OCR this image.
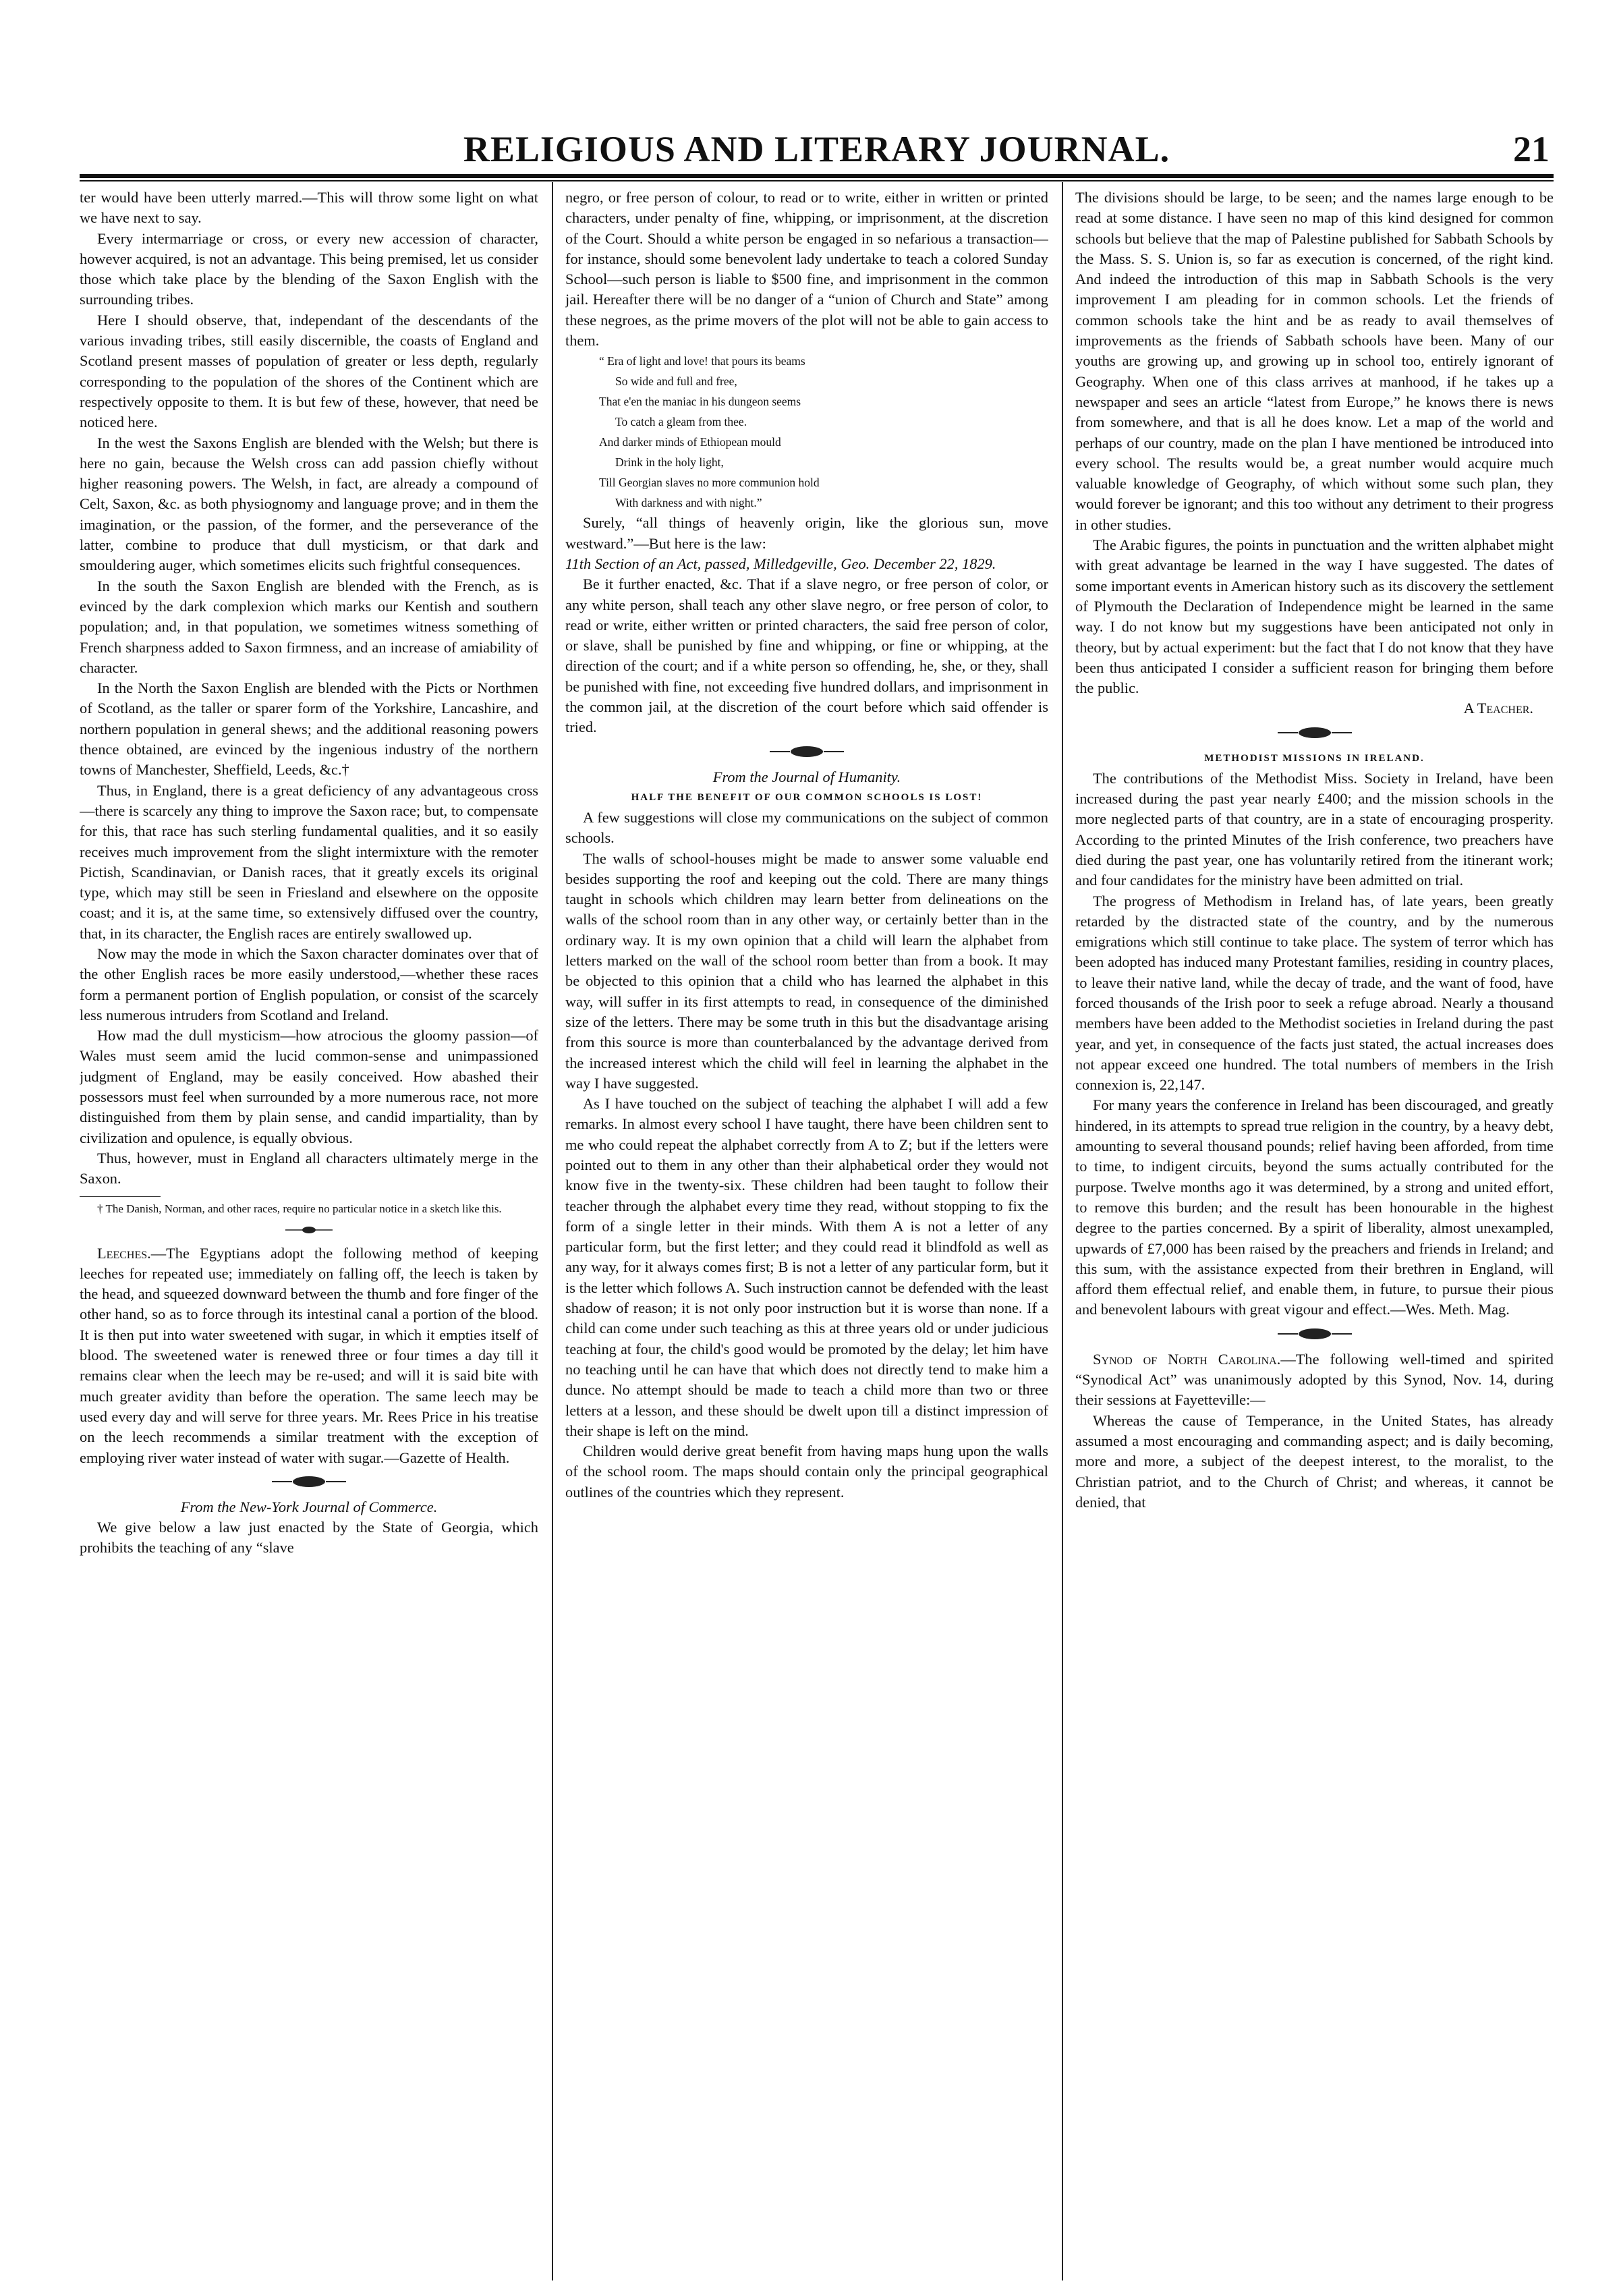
RELIGIOUS AND LITERARY JOURNAL.	21

ter would have been utterly marred.—This will throw some light on what we have next to say.

Every intermarriage or cross, or every new accession of character, however acquired, is not an advantage. This being premised, let us consider those which take place by the blending of the Saxon English with the surrounding tribes.

Here I should observe, that, independant of the descendants of the various invading tribes, still easily discernible, the coasts of England and Scotland present masses of population of greater or less depth, regularly corresponding to the population of the shores of the Continent which are respectively opposite to them. It is but few of these, however, that need be noticed here.

In the west the Saxons English are blended with the Welsh; but there is here no gain, because the Welsh cross can add passion chiefly without higher reasoning powers. The Welsh, in fact, are already a compound of Celt, Saxon, &c. as both physiognomy and language prove; and in them the imagination, or the passion, of the former, and the perseverance of the latter, combine to produce that dull mysticism, or that dark and smouldering auger, which sometimes elicits such frightful consequences.

In the south the Saxon English are blended with the French, as is evinced by the dark complexion which marks our Kentish and southern population; and, in that population, we sometimes witness something of French sharpness added to Saxon firmness, and an increase of amiability of character.

In the North the Saxon English are blended with the Picts or Northmen of Scotland, as the taller or sparer form of the Yorkshire, Lancashire, and northern population in general shews; and the additional reasoning powers thence obtained, are evinced by the ingenious industry of the northern towns of Manchester, Sheffield, Leeds, &c.†

Thus, in England, there is a great deficiency of any advantageous cross—there is scarcely any thing to improve the Saxon race; but, to compensate for this, that race has such sterling fundamental qualities, and it so easily receives much improvement from the slight intermixture with the remoter Pictish, Scandinavian, or Danish races, that it greatly excels its original type, which may still be seen in Friesland and elsewhere on the opposite coast; and it is, at the same time, so extensively diffused over the country, that, in its character, the English races are entirely swallowed up.

Now may the mode in which the Saxon character dominates over that of the other English races be more easily understood,—whether these races form a permanent portion of English population, or consist of the scarcely less numerous intruders from Scotland and Ireland.

How mad the dull mysticism—how atrocious the gloomy passion—of Wales must seem amid the lucid common-sense and unimpassioned judgment of England, may be easily conceived. How abashed their possessors must feel when surrounded by a more numerous race, not more distinguished from them by plain sense, and candid impartiality, than by civilization and opulence, is equally obvious.

Thus, however, must in England all characters ultimately merge in the Saxon.

† The Danish, Norman, and other races, require no particular notice in a sketch like this.

Leeches.—The Egyptians adopt the following method of keeping leeches for repeated use; immediately on falling off, the leech is taken by the head, and squeezed downward between the thumb and fore finger of the other hand, so as to force through its intestinal canal a portion of the blood. It is then put into water sweetened with sugar, in which it empties itself of blood. The sweetened water is renewed three or four times a day till it remains clear when the leech may be re-used; and will it is said bite with much greater avidity than before the operation. The same leech may be used every day and will serve for three years. Mr. Rees Price in his treatise on the leech recommends a similar treatment with the exception of employing river water instead of water with sugar.—Gazette of Health.

From the New-York Journal of Commerce.

We give below a law just enacted by the State of Georgia, which prohibits the teaching of any “slave

negro, or free person of colour, to read or to write, either in written or printed characters, under penalty of fine, whipping, or imprisonment, at the discretion of the Court. Should a white person be engaged in so nefarious a transaction—for instance, should some benevolent lady undertake to teach a colored Sunday School—such person is liable to $500 fine, and imprisonment in the common jail. Hereafter there will be no danger of a “union of Church and State” among these negroes, as the prime movers of the plot will not be able to gain access to them.

“ Era of light and love! that pours its beams
So wide and full and free,
That e'en the maniac in his dungeon seems
To catch a gleam from thee.
And darker minds of Ethiopean mould
Drink in the holy light,
Till Georgian slaves no more communion hold
With darkness and with night.”

Surely, “all things of heavenly origin, like the glorious sun, move westward.”—But here is the law:

11th Section of an Act, passed, Milledgeville, Geo. December 22, 1829.

Be it further enacted, &c. That if a slave negro, or free person of color, or any white person, shall teach any other slave negro, or free person of color, to read or write, either written or printed characters, the said free person of color, or slave, shall be punished by fine and whipping, or fine or whipping, at the direction of the court; and if a white person so offending, he, she, or they, shall be punished with fine, not exceeding five hundred dollars, and imprisonment in the common jail, at the discretion of the court before which said offender is tried.

From the Journal of Humanity.

HALF THE BENEFIT OF OUR COMMON SCHOOLS IS LOST!

A few suggestions will close my communications on the subject of common schools.

The walls of school-houses might be made to answer some valuable end besides supporting the roof and keeping out the cold. There are many things taught in schools which children may learn better from delineations on the walls of the school room than in any other way, or certainly better than in the ordinary way. It is my own opinion that a child will learn the alphabet from letters marked on the wall of the school room better than from a book. It may be objected to this opinion that a child who has learned the alphabet in this way, will suffer in its first attempts to read, in consequence of the diminished size of the letters. There may be some truth in this but the disadvantage arising from this source is more than counterbalanced by the advantage derived from the increased interest which the child will feel in learning the alphabet in the way I have suggested.

As I have touched on the subject of teaching the alphabet I will add a few remarks. In almost every school I have taught, there have been children sent to me who could repeat the alphabet correctly from A to Z; but if the letters were pointed out to them in any other than their alphabetical order they would not know five in the twenty-six. These children had been taught to follow their teacher through the alphabet every time they read, without stopping to fix the form of a single letter in their minds. With them A is not a letter of any particular form, but the first letter; and they could read it blindfold as well as any way, for it always comes first; B is not a letter of any particular form, but it is the letter which follows A. Such instruction cannot be defended with the least shadow of reason; it is not only poor instruction but it is worse than none. If a child can come under such teaching as this at three years old or under judicious teaching at four, the child's good would be promoted by the delay; let him have no teaching until he can have that which does not directly tend to make him a dunce. No attempt should be made to teach a child more than two or three letters at a lesson, and these should be dwelt upon till a distinct impression of their shape is left on the mind.

Children would derive great benefit from having maps hung upon the walls of the school room. The maps should contain only the principal geographical outlines of the countries which they represent.

The divisions should be large, to be seen; and the names large enough to be read at some distance. I have seen no map of this kind designed for common schools but believe that the map of Palestine published for Sabbath Schools by the Mass. S. S. Union is, so far as execution is concerned, of the right kind. And indeed the introduction of this map in Sabbath Schools is the very improvement I am pleading for in common schools. Let the friends of common schools take the hint and be as ready to avail themselves of improvements as the friends of Sabbath schools have been. Many of our youths are growing up, and growing up in school too, entirely ignorant of Geography. When one of this class arrives at manhood, if he takes up a newspaper and sees an article “latest from Europe,” he knows there is news from somewhere, and that is all he does know. Let a map of the world and perhaps of our country, made on the plan I have mentioned be introduced into every school. The results would be, a great number would acquire much valuable knowledge of Geography, of which without some such plan, they would forever be ignorant; and this too without any detriment to their progress in other studies.

The Arabic figures, the points in punctuation and the written alphabet might with great advantage be learned in the way I have suggested. The dates of some important events in American history such as its discovery the settlement of Plymouth the Declaration of Independence might be learned in the same way. I do not know but my suggestions have been anticipated not only in theory, but by actual experiment: but the fact that I do not know that they have been thus anticipated I consider a sufficient reason for bringing them before the public.

A Teacher.

METHODIST MISSIONS IN IRELAND.

The contributions of the Methodist Miss. Society in Ireland, have been increased during the past year nearly £400; and the mission schools in the more neglected parts of that country, are in a state of encouraging prosperity. According to the printed Minutes of the Irish conference, two preachers have died during the past year, one has voluntarily retired from the itinerant work; and four candidates for the ministry have been admitted on trial.

The progress of Methodism in Ireland has, of late years, been greatly retarded by the distracted state of the country, and by the numerous emigrations which still continue to take place. The system of terror which has been adopted has induced many Protestant families, residing in country places, to leave their native land, while the decay of trade, and the want of food, have forced thousands of the Irish poor to seek a refuge abroad. Nearly a thousand members have been added to the Methodist societies in Ireland during the past year, and yet, in consequence of the facts just stated, the actual increases does not appear exceed one hundred. The total numbers of members in the Irish connexion is, 22,147.

For many years the conference in Ireland has been discouraged, and greatly hindered, in its attempts to spread true religion in the country, by a heavy debt, amounting to several thousand pounds; relief having been afforded, from time to time, to indigent circuits, beyond the sums actually contributed for the purpose. Twelve months ago it was determined, by a strong and united effort, to remove this burden; and the result has been honourable in the highest degree to the parties concerned. By a spirit of liberality, almost unexampled, upwards of £7,000 has been raised by the preachers and friends in Ireland; and this sum, with the assistance expected from their brethren in England, will afford them effectual relief, and enable them, in future, to pursue their pious and benevolent labours with great vigour and effect.—Wes. Meth. Mag.

Synod of North Carolina.—The following well-timed and spirited “Synodical Act” was unanimously adopted by this Synod, Nov. 14, during their sessions at Fayetteville:—

Whereas the cause of Temperance, in the United States, has already assumed a most encouraging and commanding aspect; and is daily becoming, more and more, a subject of the deepest interest, to the moralist, to the Christian patriot, and to the Church of Christ; and whereas, it cannot be denied, that
